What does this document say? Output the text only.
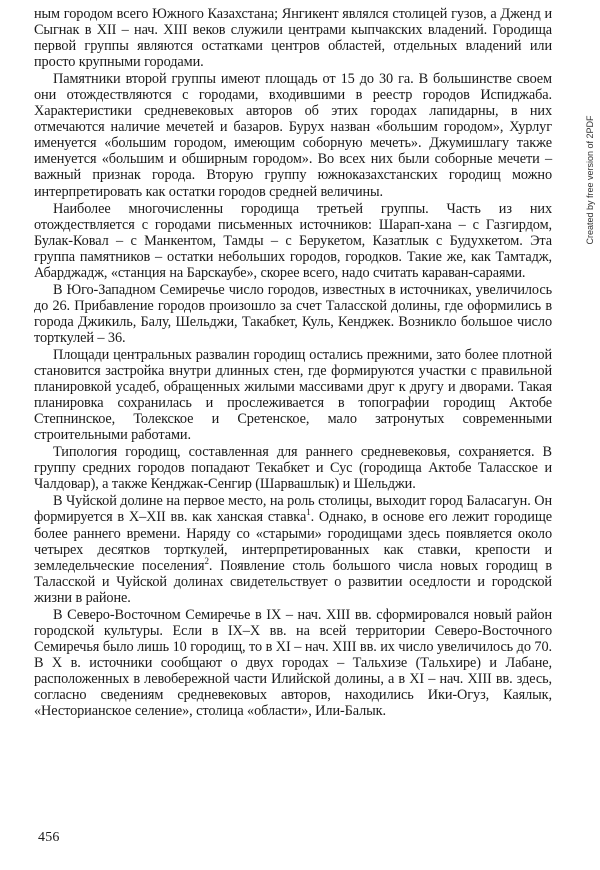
ным городом всего Южного Казахстана; Янгикент являлся столицей гузов, а Дженд и Сыгнак в XII – нач. XIII веков служили центрами кыпчакских владений. Городища первой группы являются остатками центров областей, отдельных владений или просто крупными городами.

Памятники второй группы имеют площадь от 15 до 30 га. В большинстве своем они отождествляются с городами, входившими в реестр городов Испиджаба. Характеристики средневековых авторов об этих городах лапидарны, в них отмечаются наличие мечетей и базаров. Бурух назван «большим городом», Хурлуг именуется «большим городом, имеющим соборную мечеть». Джумишлагу также именуется «большим и обширным городом». Во всех них были соборные мечети – важный признак города. Вторую группу южноказахстанских городищ можно интерпретировать как остатки городов средней величины.

Наиболее многочисленны городища третьей группы. Часть из них отождествляется с городами письменных источников: Шарап-хана – с Газгирдом, Булак-Ковал – с Манкентом, Тамды – с Берукетом, Казатлык с Будухкетом. Эта группа памятников – остатки небольших городов, городков. Такие же, как Тамтадж, Абарджадж, «станция на Барскаубе», скорее всего, надо считать караван-сараями.

В Юго-Западном Семиречье число городов, известных в источниках, увеличилось до 26. Прибавление городов произошло за счет Таласской долины, где оформились в города Джикиль, Балу, Шельджи, Такабкет, Куль, Кенджек. Возникло большое число торткулей – 36.

Площади центральных развалин городищ остались прежними, зато более плотной становится застройка внутри длинных стен, где формируются участки с правильной планировкой усадеб, обращенных жилыми массивами друг к другу и дворами. Такая планировка сохранилась и прослеживается в топографии городищ Актобе Степнинское, Толекское и Сретенское, мало затронутых современными строительными работами.

Типология городищ, составленная для раннего средневековья, сохраняется. В группу средних городов попадают Текабкет и Сус (городища Актобе Таласское и Чалдовар), а также Кенджак-Сенгир (Шарвашлык) и Шельджи.

В Чуйской долине на первое место, на роль столицы, выходит город Баласагун. Он формируется в Х–ХII вв. как ханская ставка$^1$. Однако, в основе его лежит городище более раннего времени. Наряду со «старыми» городищами здесь появляется около четырех десятков торткулей, интерпретированных как ставки, крепости и земледельческие поселения$^2$. Появление столь большого числа новых городищ в Таласской и Чуйской долинах свидетельствует о развитии оседлости и городской жизни в районе.

В Северо-Восточном Семиречье в IХ – нач. ХIII вв. сформировался новый район городской культуры. Если в IХ–Х вв. на всей территории Северо-Восточного Семиречья было лишь 10 городищ, то в ХI – нач. ХIII вв. их число увеличилось до 70. В Х в. источники сообщают о двух городах – Тальхизе (Тальхире) и Лабане, расположенных в левобережной части Илийской долины, а в ХI – нач. ХIII вв. здесь, согласно сведениям средневековых авторов, находились Ики-Огуз, Каялык, «Несторианское селение», столица «области», Или-Балык.

456
Created by free version of 2PDF
